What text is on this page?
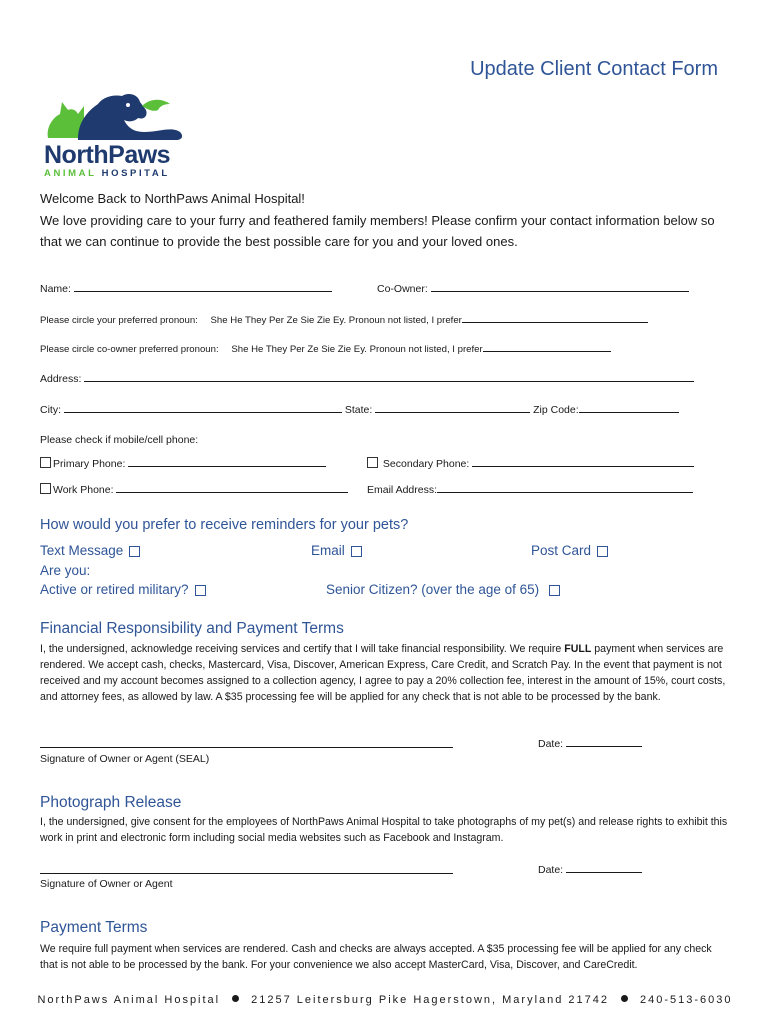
Update Client Contact Form
NorthPaws
ANIMAL HOSPITAL
Welcome Back to NorthPaws Animal Hospital!
We love providing care to your furry and feathered family members! Please confirm your contact information below so that we can continue to provide the best possible care for you and your loved ones.
Name:	Co-Owner:
Please circle your preferred pronoun: She He They Per Ze Sie Zie Ey. Pronoun not listed, I prefer
Please circle co-owner preferred pronoun: She He They Per Ze Sie Zie Ey. Pronoun not listed, I prefer
Address:
City:	State:	Zip Code:
Please check if mobile/cell phone:
Primary Phone:	Secondary Phone:
Work Phone:	Email Address:
How would you prefer to receive reminders for your pets?
Text Message	Email	Post Card
Are you:
Active or retired military?	Senior Citizen? (over the age of 65)
Financial Responsibility and Payment Terms
I, the undersigned, acknowledge receiving services and certify that I will take financial responsibility. We require FULL payment when services are rendered. We accept cash, checks, Mastercard, Visa, Discover, American Express, Care Credit, and Scratch Pay. In the event that payment is not received and my account becomes assigned to a collection agency, I agree to pay a 20% collection fee, interest in the amount of 15%, court costs, and attorney fees, as allowed by law. A $35 processing fee will be applied for any check that is not able to be processed by the bank.
Date:
Signature of Owner or Agent (SEAL)
Photograph Release
I, the undersigned, give consent for the employees of NorthPaws Animal Hospital to take photographs of my pet(s) and release rights to exhibit this work in print and electronic form including social media websites such as Facebook and Instagram.
Date:
Signature of Owner or Agent
Payment Terms
We require full payment when services are rendered. Cash and checks are always accepted. A $35 processing fee will be applied for any check that is not able to be processed by the bank. For your convenience we also accept MasterCard, Visa, Discover, and CareCredit.
NorthPaws Animal Hospital	21257 Leitersburg Pike Hagerstown, Maryland 21742	240-513-6030
